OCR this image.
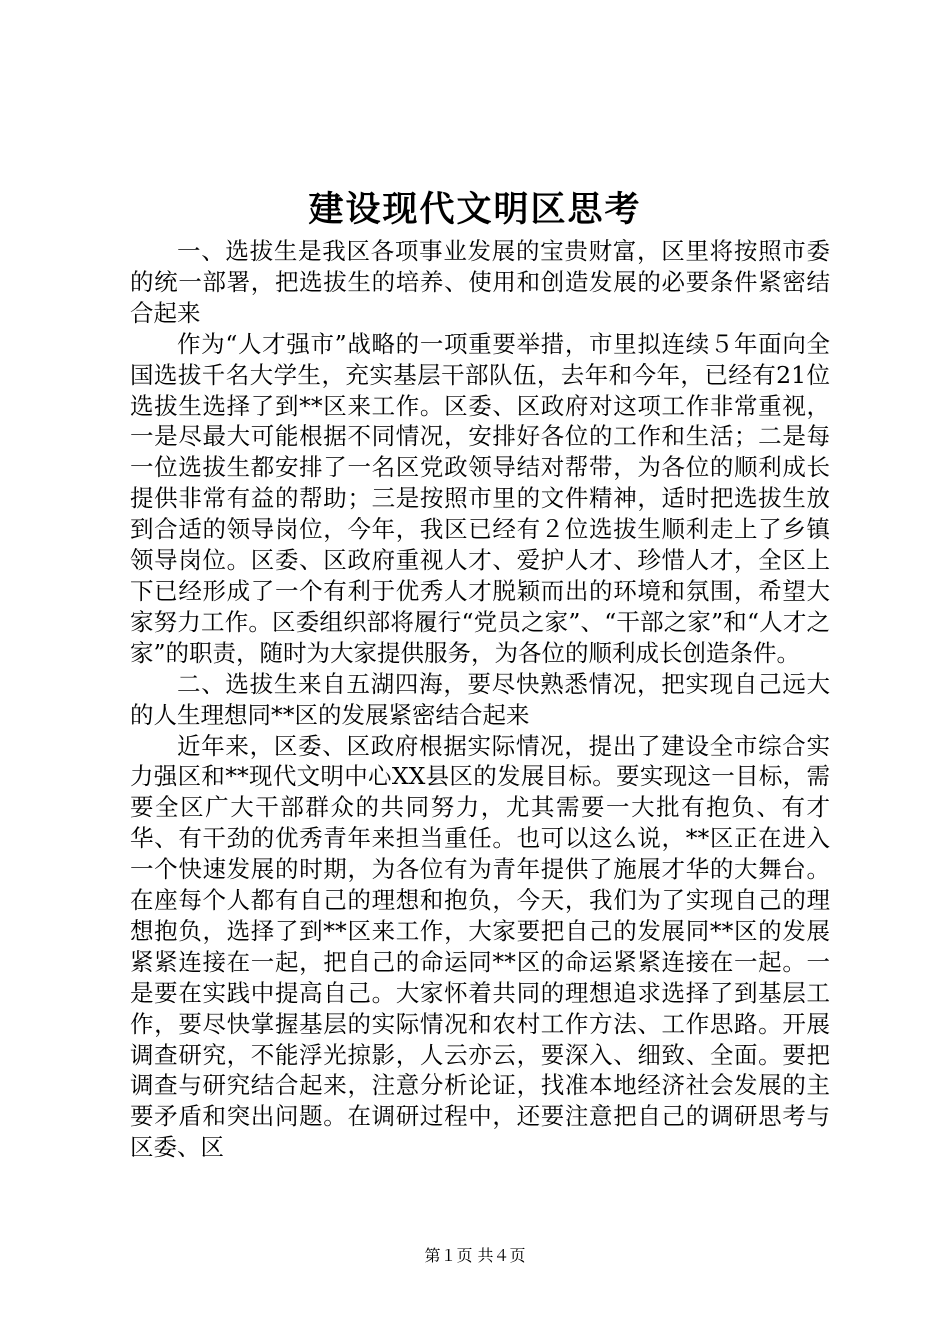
建设现代文明区思考

一、选拔生是我区各项事业发展的宝贵财富，区里将按照市委的统一部署，把选拔生的培养、使用和创造发展的必要条件紧密结合起来

作为“人才强市”战略的一项重要举措，市里拟连续５年面向全国选拔千名大学生，充实基层干部队伍，去年和今年，已经有21位选拔生选择了到**区来工作。区委、区政府对这项工作非常重视，一是尽最大可能根据不同情况，安排好各位的工作和生活；二是每一位选拔生都安排了一名区党政领导结对帮带，为各位的顺利成长提供非常有益的帮助；三是按照市里的文件精神，适时把选拔生放到合适的领导岗位，今年，我区已经有２位选拔生顺利走上了乡镇领导岗位。区委、区政府重视人才、爱护人才、珍惜人才，全区上下已经形成了一个有利于优秀人才脱颖而出的环境和氛围，希望大家努力工作。区委组织部将履行“党员之家”、“干部之家”和“人才之家”的职责，随时为大家提供服务，为各位的顺利成长创造条件。

二、选拔生来自五湖四海，要尽快熟悉情况，把实现自己远大的人生理想同**区的发展紧密结合起来

近年来，区委、区政府根据实际情况，提出了建设全市综合实力强区和**现代文明中心XX县区的发展目标。要实现这一目标，需要全区广大干部群众的共同努力，尤其需要一大批有抱负、有才华、有干劲的优秀青年来担当重任。也可以这么说，**区正在进入一个快速发展的时期，为各位有为青年提供了施展才华的大舞台。在座每个人都有自己的理想和抱负，今天，我们为了实现自己的理想抱负，选择了到**区来工作，大家要把自己的发展同**区的发展紧紧连接在一起，把自己的命运同**区的命运紧紧连接在一起。一是要在实践中提高自己。大家怀着共同的理想追求选择了到基层工作，要尽快掌握基层的实际情况和农村工作方法、工作思路。开展调查研究，不能浮光掠影，人云亦云，要深入、细致、全面。要把调查与研究结合起来，注意分析论证，找准本地经济社会发展的主要矛盾和突出问题。在调研过程中，还要注意把自己的调研思考与区委、区

第１页 共４页
